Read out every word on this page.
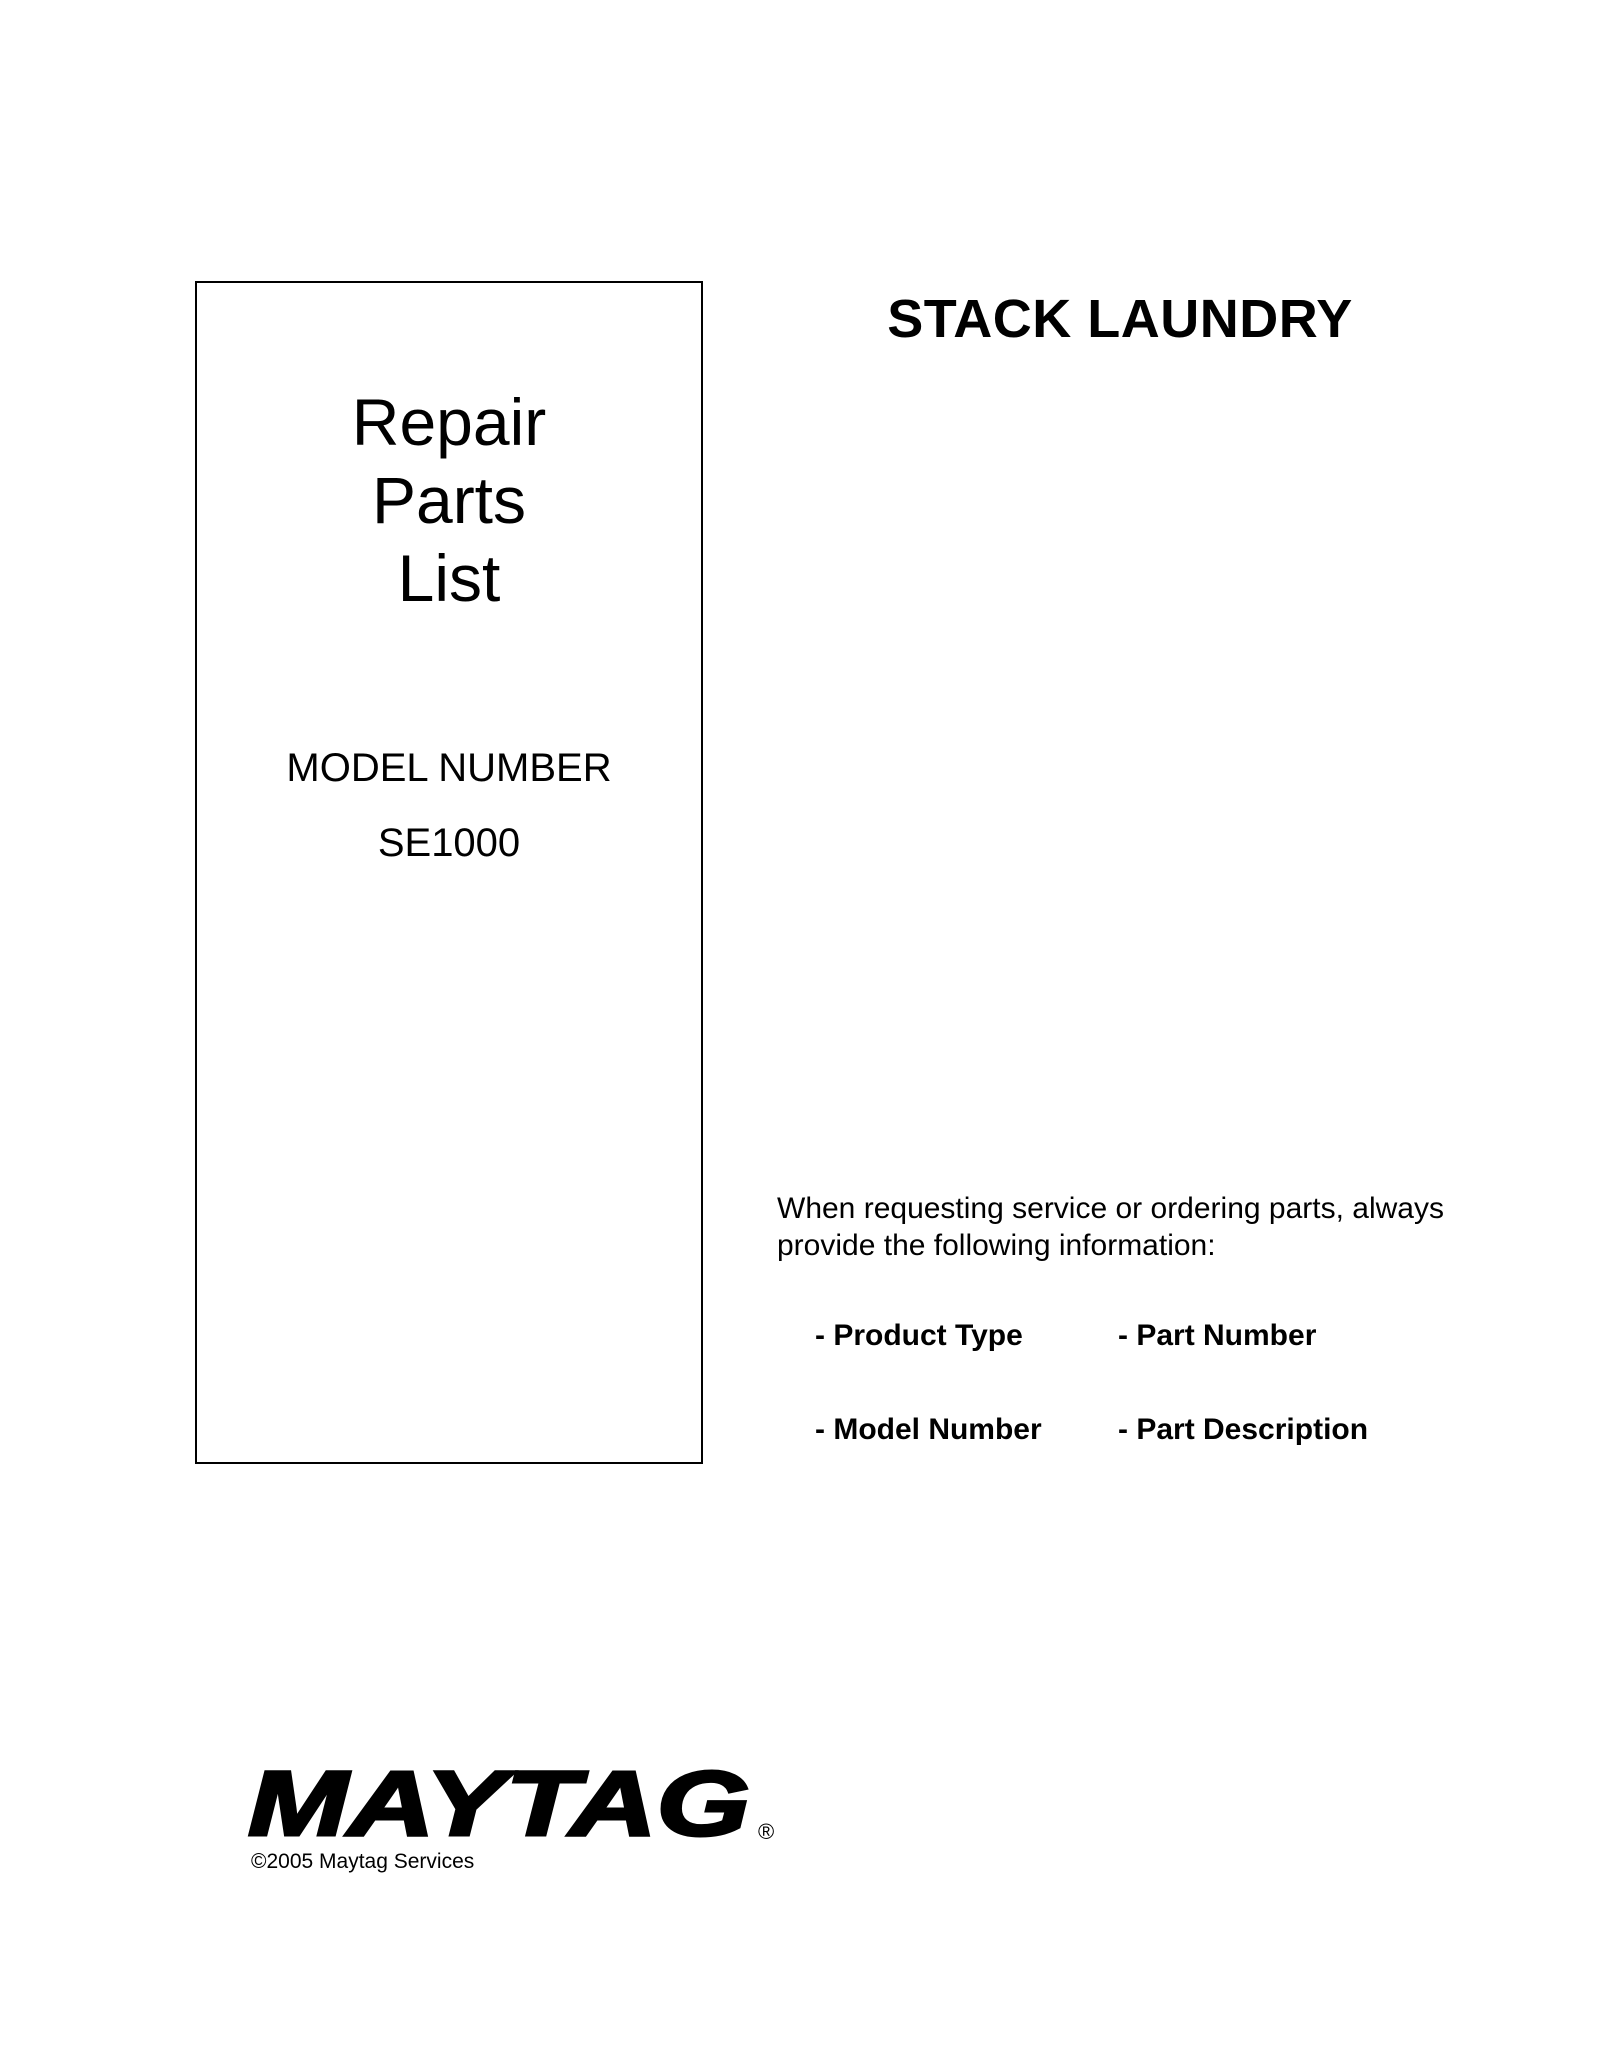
Repair
Parts
List
MODEL NUMBER
SE1000
STACK LAUNDRY
When requesting service or ordering parts, always provide the following information:
- Product Type	- Part Number
- Model Number	- Part Description
MAYTAG ®
©2005 Maytag Services
